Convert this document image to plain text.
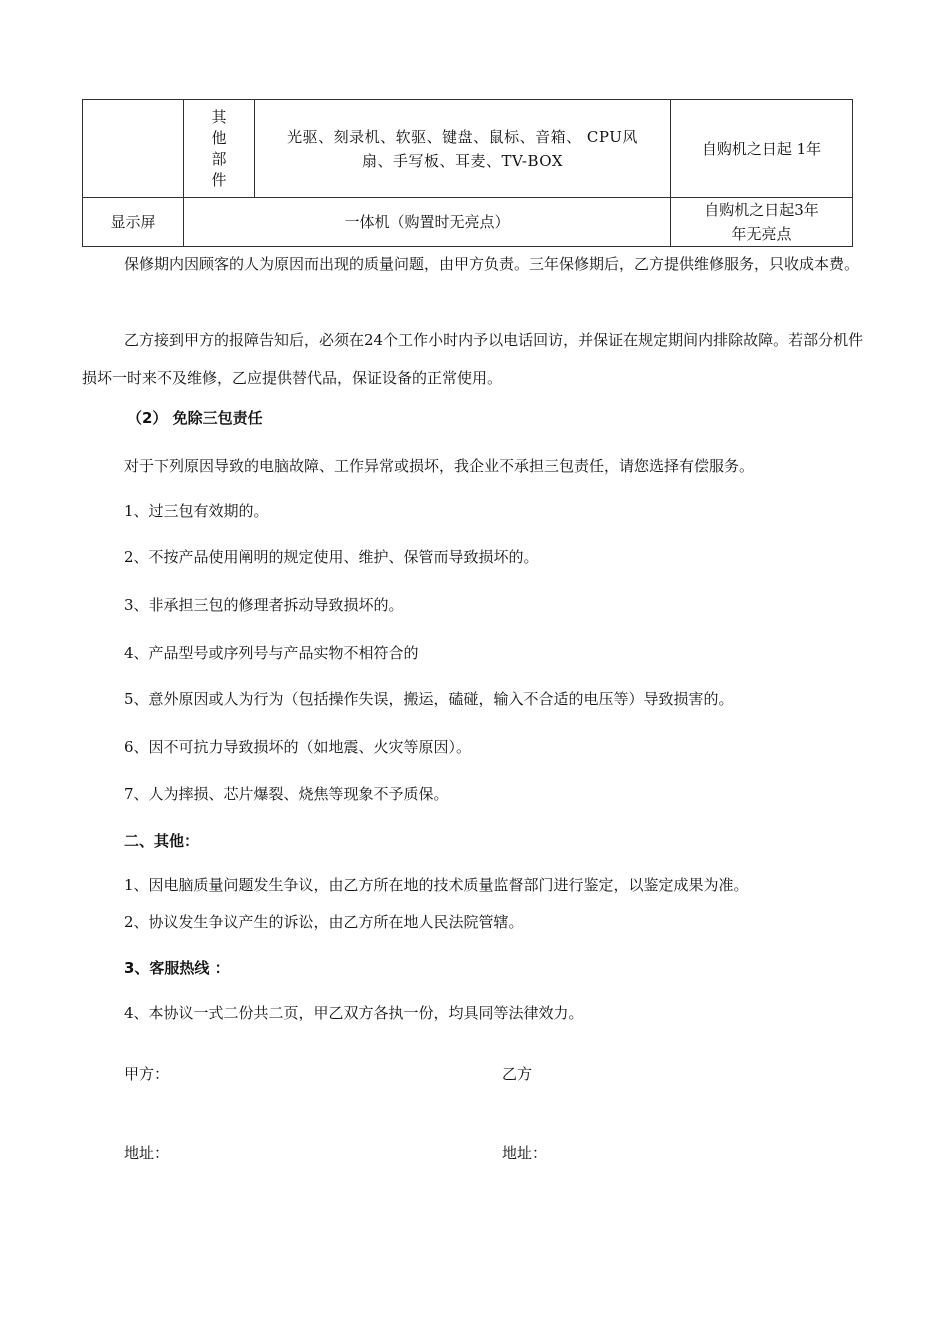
	其他部件	光驱、刻录机、软驱、键盘、鼠标、音箱、 CPU风扇、手写板、耳麦、TV-BOX	自购机之日起 1年
显示屏	一体机（购置时无亮点）		自购机之日起3年年无亮点
保修期内因顾客的人为原因而出现的质量问题，由甲方负责。三年保修期后，乙方提供维修服务，只收成本费。
乙方接到甲方的报障告知后，必须在24个工作小时内予以电话回访，并保证在规定期间内排除故障。若部分机件损坏一时来不及维修，乙应提供替代品，保证设备的正常使用。
（2） 免除三包责任
对于下列原因导致的电脑故障、工作异常或损坏，我企业不承担三包责任，请您选择有偿服务。
1、过三包有效期的。
2、不按产品使用阐明的规定使用、维护、保管而导致损坏的。
3、非承担三包的修理者拆动导致损坏的。
4、产品型号或序列号与产品实物不相符合的
5、意外原因或人为行为（包括操作失误，搬运，磕碰，输入不合适的电压等）导致损害的。
6、因不可抗力导致损坏的（如地震、火灾等原因）。
7、人为摔损、芯片爆裂、烧焦等现象不予质保。
二、其他：
1、因电脑质量问题发生争议，由乙方所在地的技术质量监督部门进行鉴定，以鉴定成果为准。
2、协议发生争议产生的诉讼，由乙方所在地人民法院管辖。
3、客服热线 ：
4、本协议一式二份共二页，甲乙双方各执一份，均具同等法律效力。
甲方：	乙方
地址：	地址：
